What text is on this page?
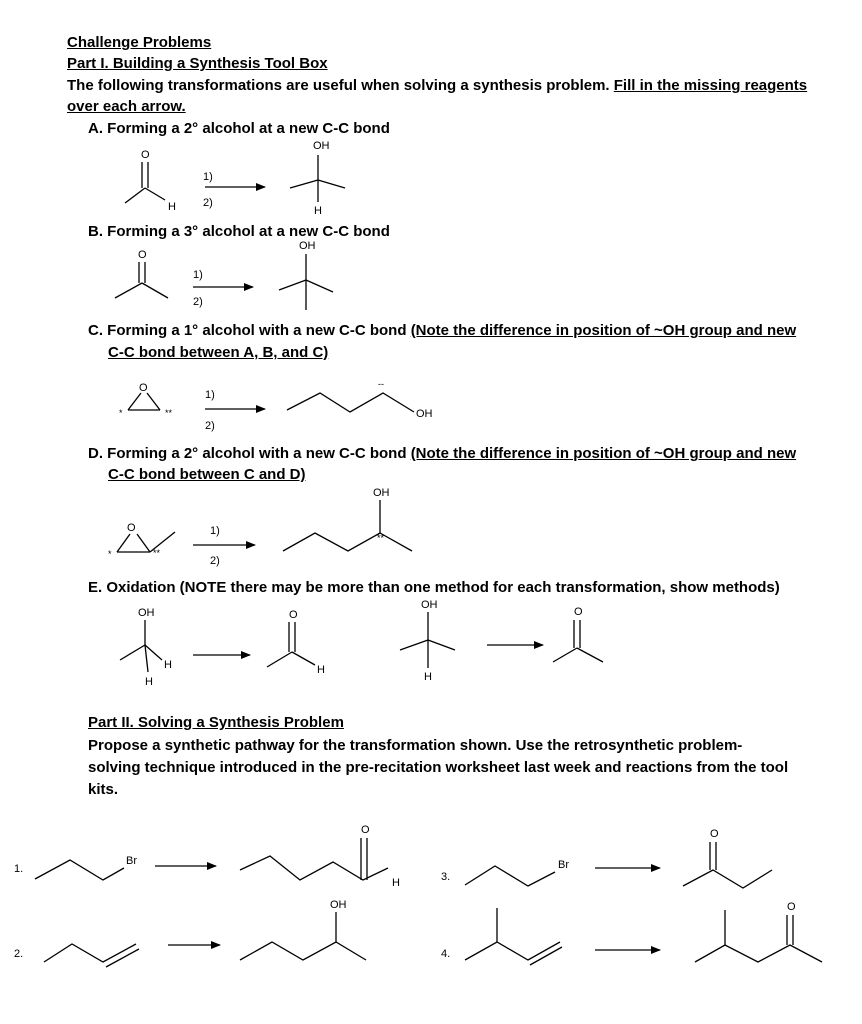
Challenge Problems
Part I. Building a Synthesis Tool Box
The following transformations are useful when solving a synthesis problem. Fill in the missing reagents
over each arrow.
A. Forming a 2° alcohol at a new C-C bond
B. Forming a 3° alcohol at a new C-C bond
C. Forming a 1° alcohol with a new C-C bond (Note the difference in position of ~OH group and new
C-C bond between A, B, and C)
D. Forming a 2° alcohol with a new C-C bond (Note the difference in position of ~OH group and new
C-C bond between C and D)
E. Oxidation (NOTE there may be more than one method for each transformation, show methods)
Part II. Solving a Synthesis Problem
Propose a synthetic pathway for the transformation shown. Use the retrosynthetic problem-
solving technique introduced in the pre-recitation worksheet last week and reactions from the tool
kits.
O
H
1)
2)
OH
H
O
1)
2)
OH
O
*	**
1)
2)
OH
--
O
*	**
1)
2)
OH
**
OH
H
H
O
H
OH
H
O
1.
Br
O
H
2.
OH
3.
Br
O
4.
O
